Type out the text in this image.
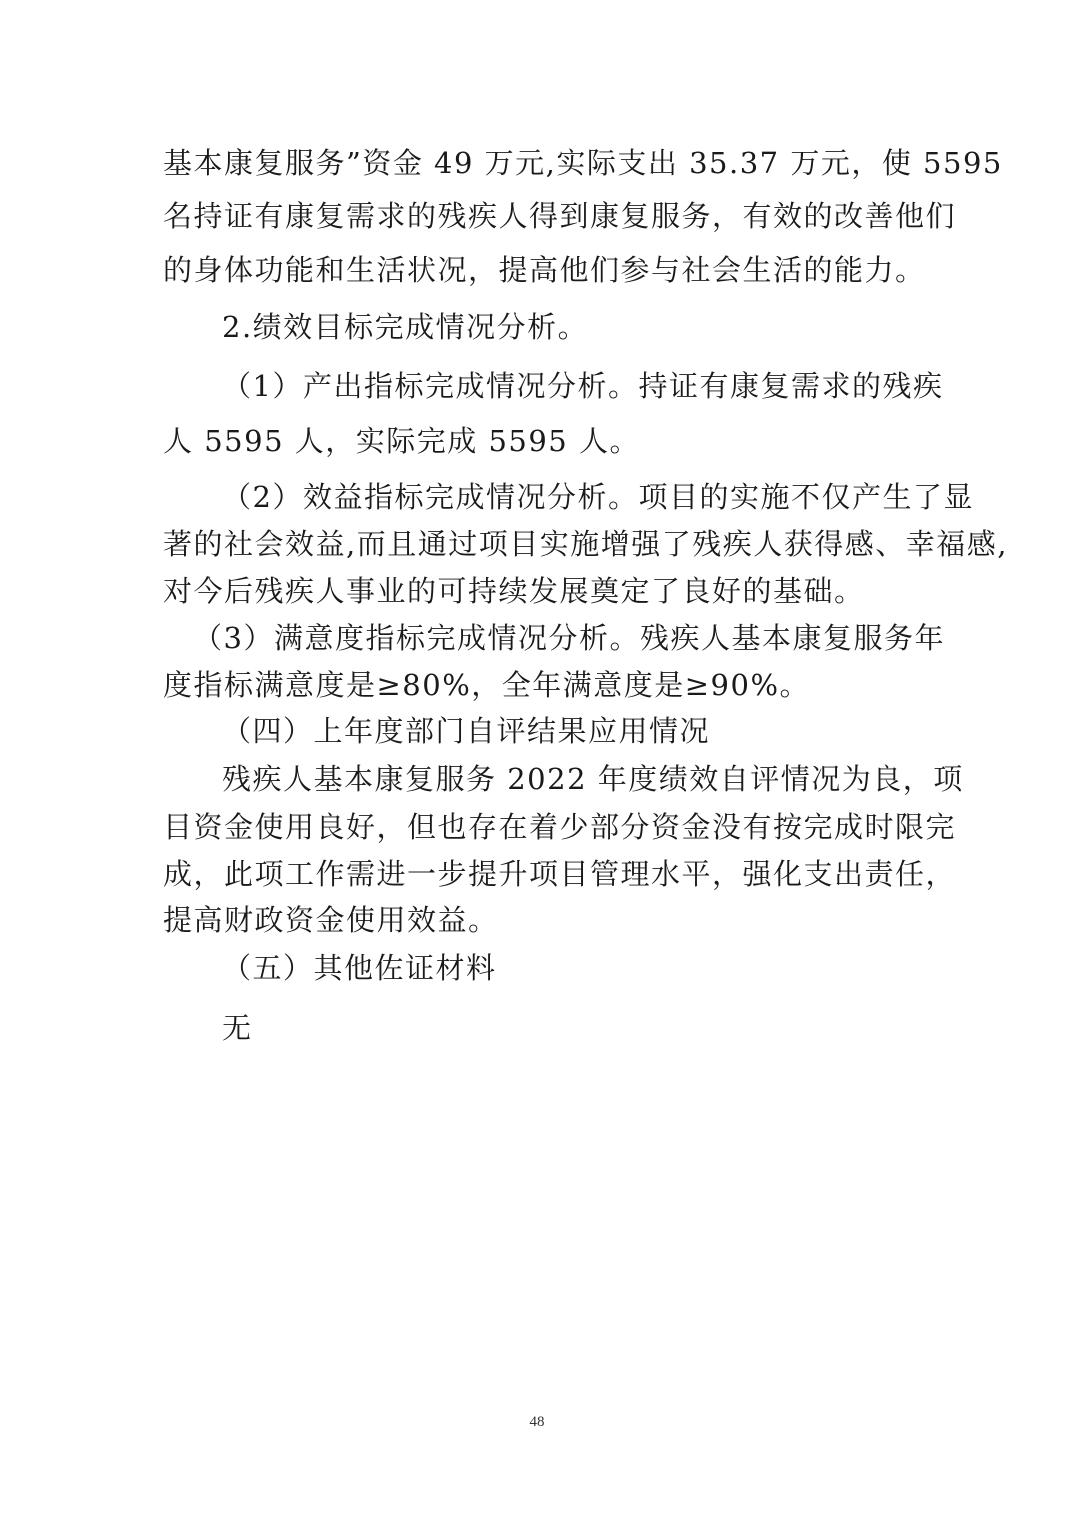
基本康复服务”资金 49 万元,实际支出 35.37 万元，使 5595
名持证有康复需求的残疾人得到康复服务，有效的改善他们
的身体功能和生活状况，提高他们参与社会生活的能力。
2.绩效目标完成情况分析。
（1）产出指标完成情况分析。持证有康复需求的残疾
人 5595 人，实际完成 5595 人。
（2）效益指标完成情况分析。项目的实施不仅产生了显
著的社会效益,而且通过项目实施增强了残疾人获得感、幸福感,
对今后残疾人事业的可持续发展奠定了良好的基础。
（3）满意度指标完成情况分析。残疾人基本康复服务年
度指标满意度是≥80%，全年满意度是≥90%。
（四）上年度部门自评结果应用情况
残疾人基本康复服务 2022 年度绩效自评情况为良，项
目资金使用良好，但也存在着少部分资金没有按完成时限完
成，此项工作需进一步提升项目管理水平，强化支出责任，
提高财政资金使用效益。
（五）其他佐证材料
无
48
